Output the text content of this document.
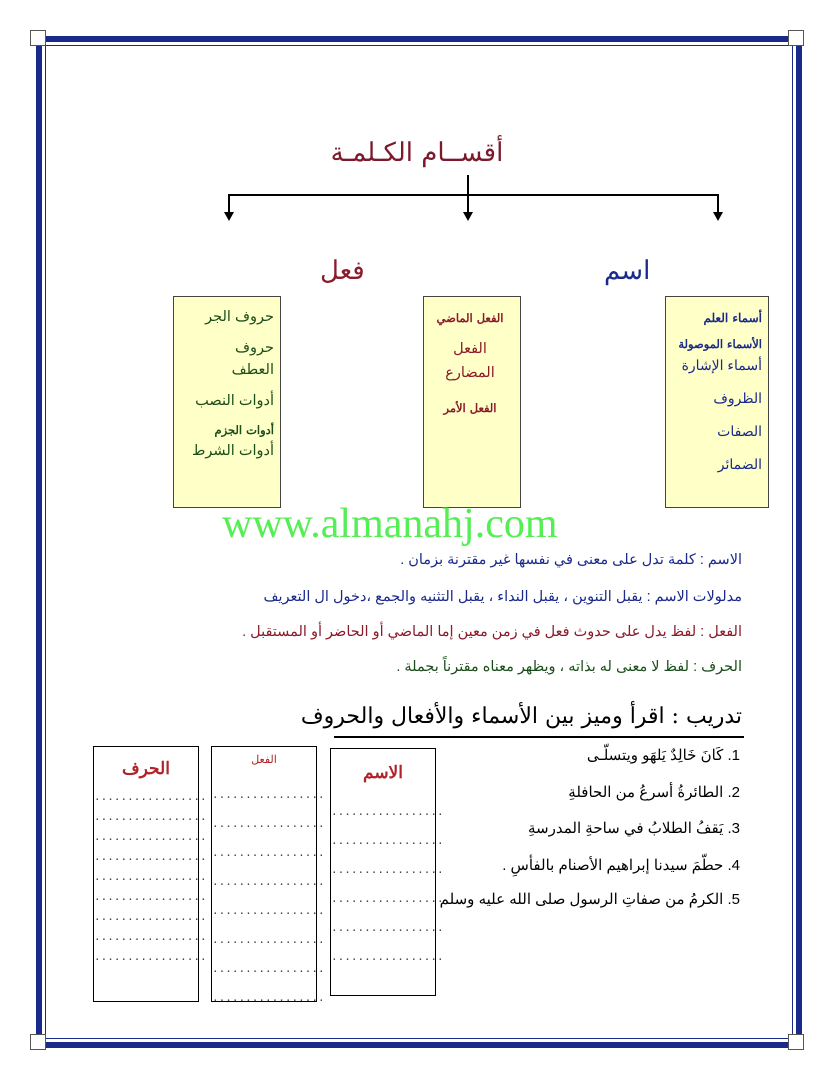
أقســام الكـلمـة
فعل	اسم
أسماء العلم
الأسماء الموصولة
أسماء الإشارة
الظروف
الصفات
الضمائر
الفعل الماضي
الفعل المضارع
الفعل الأمر
حروف الجر
حروف العطف
أدوات النصب
أدوات الجزم
أدوات الشرط
www.almanahj.com
الاسم : كلمة تدل على معنى في نفسها غير مقترنة بزمان .
مدلولات الاسم : يقبل التنوين ، يقبل النداء ، يقبل التثنيه والجمع ،دخول ال التعريف
الفعل : لفظ يدل على حدوث فعل في زمن معين إما الماضي أو الحاضر أو المستقبل .
الحرف : لفظ لا معنى له بذاته ، ويظهر معناه مقترناً بجملة .
تدريب : اقرأ وميز بين الأسماء والأفعال والحروف
1. كَانَ خَالِدٌ يَلهَو ويتسلّـى
2. الطائرةُ أسرعُ من الحافلةِ
3. يَقفُ الطلابُ في ساحةِ المدرسةِ
4. حطّمَ سيدنا إبراهيم الأصنام بالفأسِ .
5. الكرمُ من صفاتِ الرسول صلى الله عليه وسلم
الاسم
.................
.................
.................
.................
.................
.................
الفعل
.................
.................
.................
.................
.................
.................
.................
.................
الحرف
.................
.................
.................
.................
.................
.................
.................
.................
.................
